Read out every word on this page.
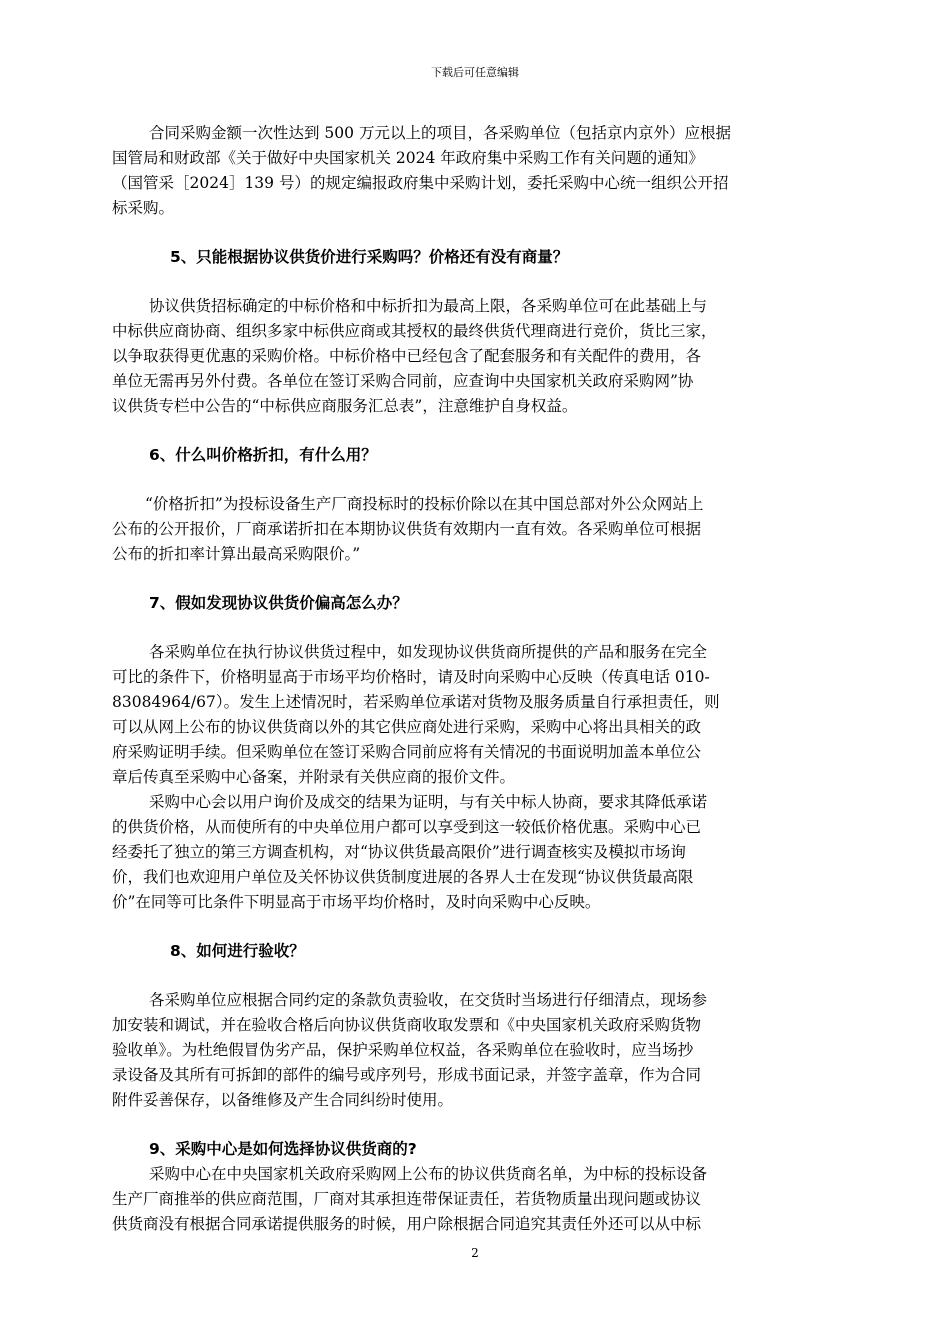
下载后可任意编辑

合同采购金额一次性达到 500 万元以上的项目，各采购单位（包括京内京外）应根据

国管局和财政部《关于做好中央国家机关 2024 年政府集中采购工作有关问题的通知》

（国管采［2024］139 号）的规定编报政府集中采购计划，委托采购中心统一组织公开招

标采购。

5、只能根据协议供货价进行采购吗？价格还有没有商量？

协议供货招标确定的中标价格和中标折扣为最高上限，各采购单位可在此基础上与

中标供应商协商、组织多家中标供应商或其授权的最终供货代理商进行竞价，货比三家，

以争取获得更优惠的采购价格。中标价格中已经包含了配套服务和有关配件的费用，各

单位无需再另外付费。各单位在签订采购合同前，应查询中央国家机关政府采购网”协

议供货专栏中公告的“中标供应商服务汇总表”，注意维护自身权益。

6、什么叫价格折扣，有什么用？

“价格折扣”为投标设备生产厂商投标时的投标价除以在其中国总部对外公众网站上

公布的公开报价，厂商承诺折扣在本期协议供货有效期内一直有效。各采购单位可根据

公布的折扣率计算出最高采购限价。”

7、假如发现协议供货价偏高怎么办？

各采购单位在执行协议供货过程中，如发现协议供货商所提供的产品和服务在完全

可比的条件下，价格明显高于市场平均价格时，请及时向采购中心反映（传真电话 010-

83084964/67）。发生上述情况时，若采购单位承诺对货物及服务质量自行承担责任，则

可以从网上公布的协议供货商以外的其它供应商处进行采购，采购中心将出具相关的政

府采购证明手续。但采购单位在签订采购合同前应将有关情况的书面说明加盖本单位公

章后传真至采购中心备案，并附录有关供应商的报价文件。

采购中心会以用户询价及成交的结果为证明，与有关中标人协商，要求其降低承诺

的供货价格，从而使所有的中央单位用户都可以享受到这一较低价格优惠。采购中心已

经委托了独立的第三方调查机构，对“协议供货最高限价”进行调查核实及模拟市场询

价，我们也欢迎用户单位及关怀协议供货制度进展的各界人士在发现“协议供货最高限

价”在同等可比条件下明显高于市场平均价格时，及时向采购中心反映。

8、如何进行验收？

各采购单位应根据合同约定的条款负责验收，在交货时当场进行仔细清点，现场参

加安装和调试，并在验收合格后向协议供货商收取发票和《中央国家机关政府采购货物

验收单》。为杜绝假冒伪劣产品，保护采购单位权益，各采购单位在验收时，应当场抄

录设备及其所有可拆卸的部件的编号或序列号，形成书面记录，并签字盖章，作为合同

附件妥善保存，以备维修及产生合同纠纷时使用。

9、采购中心是如何选择协议供货商的?

采购中心在中央国家机关政府采购网上公布的协议供货商名单，为中标的投标设备

生产厂商推举的供应商范围，厂商对其承担连带保证责任，若货物质量出现问题或协议

供货商没有根据合同承诺提供服务的时候，用户除根据合同追究其责任外还可以从中标

2
